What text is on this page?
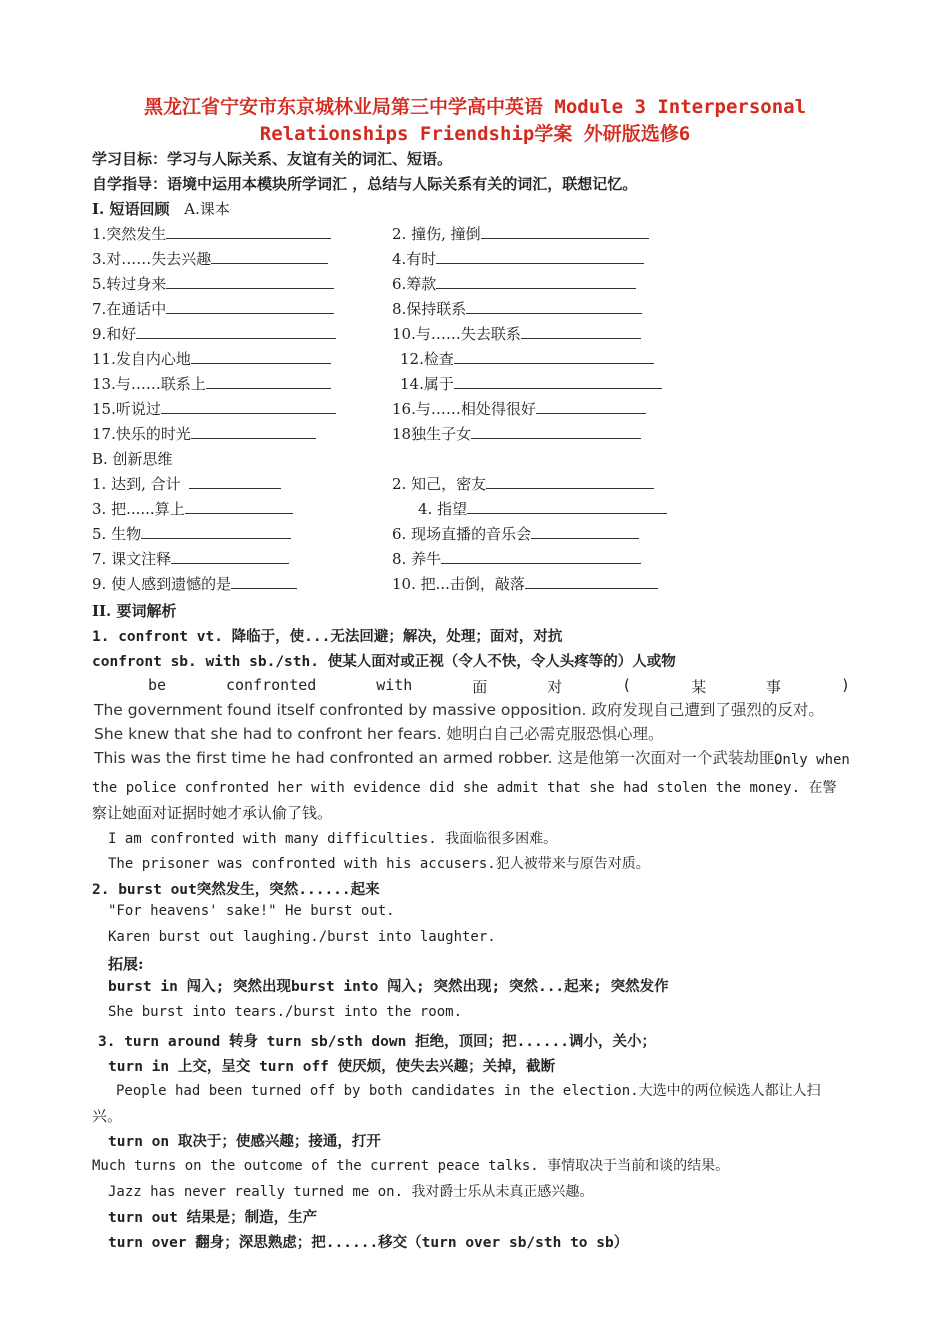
黑龙江省宁安市东京城林业局第三中学高中英语 Module 3 Interpersonal
Relationships Friendship学案 外研版选修6
学习目标：学习与人际关系、友谊有关的词汇、短语。
自学指导：语境中运用本模块所学词汇 ，总结与人际关系有关的词汇，联想记忆。
I. 短语回顾 A.课本
1.突然发生	2. 撞伤, 撞倒
3.对……失去兴趣	4.有时
5.转过身来	6.筹款
7.在通话中	8.保持联系
9.和好	10.与……失去联系
11.发自内心地	12.检查
13.与……联系上	14.属于
15.听说过	16.与……相处得很好
17.快乐的时光	18独生子女
B. 创新思维
1. 达到, 合计	2. 知己，密友
3. 把......算上	4. 指望
5. 生物	6. 现场直播的音乐会
7. 课文注释	8. 养牛
9. 使人感到遗憾的是	10. 把...击倒，敲落
II. 要词解析
1. confront vt. 降临于，使...无法回避；解决，处理；面对，对抗
confront sb. with sb./sth. 使某人面对或正视（令人不快，令人头疼等的）人或物
be	confronted	with	面	对	(	某	事	)
The government found itself confronted by massive opposition. 政府发现自己遭到了强烈的反对。
She knew that she had to confront her fears. 她明白自己必需克服恐惧心理。
This was the first time he had confronted an armed robber. 这是他第一次面对一个武装劫匪。
Only when
the police confronted her with evidence did she admit that she had stolen the money. 在警
察让她面对证据时她才承认偷了钱。
I am confronted with many difficulties. 我面临很多困难。
The prisoner was confronted with his accusers.犯人被带来与原告对质。
2. burst out突然发生，突然......起来
"For heavens' sake!" He burst out.
Karen burst out laughing./burst into laughter.
拓展:
burst in 闯入; 突然出现burst into 闯入; 突然出现; 突然...起来; 突然发作
She burst into tears./burst into the room.
3. turn around 转身 turn sb/sth down 拒绝，顶回；把......调小，关小；
turn in 上交，呈交 turn off 使厌烦，使失去兴趣；关掉，截断
People had been turned off by both candidates in the election.大选中的两位候选人都让人扫
兴。
turn on 取决于；使感兴趣；接通，打开
Much turns on the outcome of the current peace talks. 事情取决于当前和谈的结果。
Jazz has never really turned me on. 我对爵士乐从未真正感兴趣。
turn out 结果是；制造，生产
turn over 翻身；深思熟虑；把......移交（turn over sb/sth to sb）
